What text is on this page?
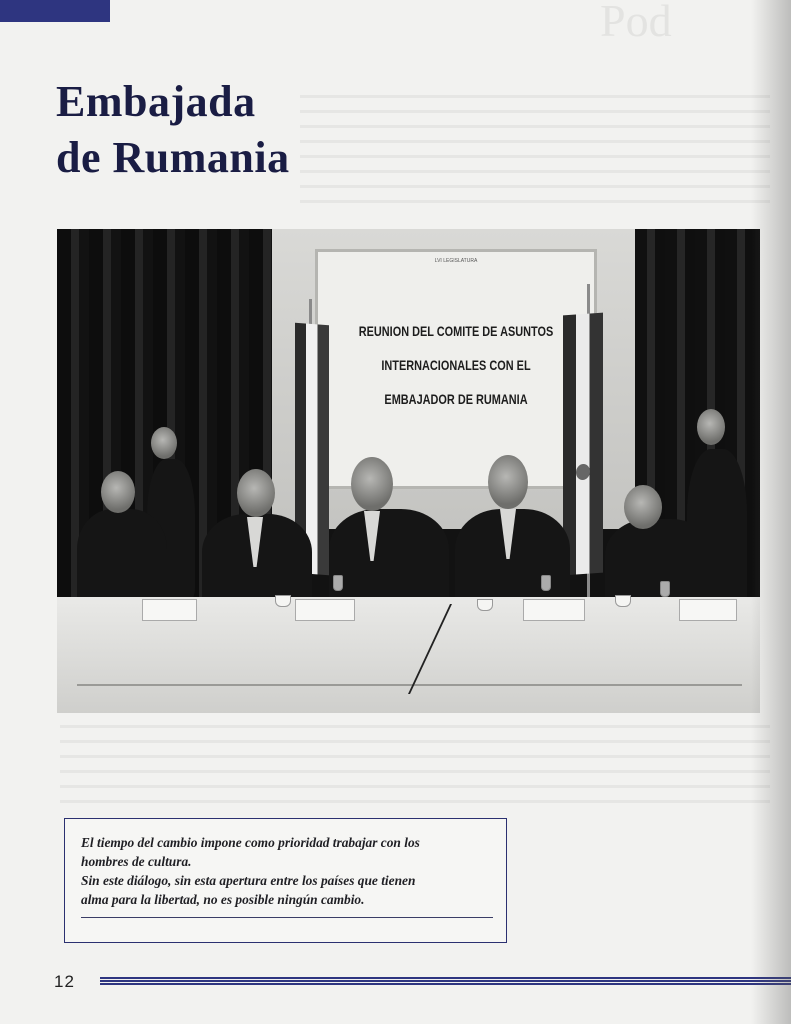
Pod
Embajada
de Rumania
LVI LEGISLATURA
REUNION DEL COMITE DE ASUNTOS
INTERNACIONALES CON EL
EMBAJADOR DE RUMANIA

El tiempo del cambio impone como prioridad trabajar con los
hombres de cultura.
Sin este diálogo, sin esta apertura entre los países que tienen
alma para la libertad, no es posible ningún cambio.

12
